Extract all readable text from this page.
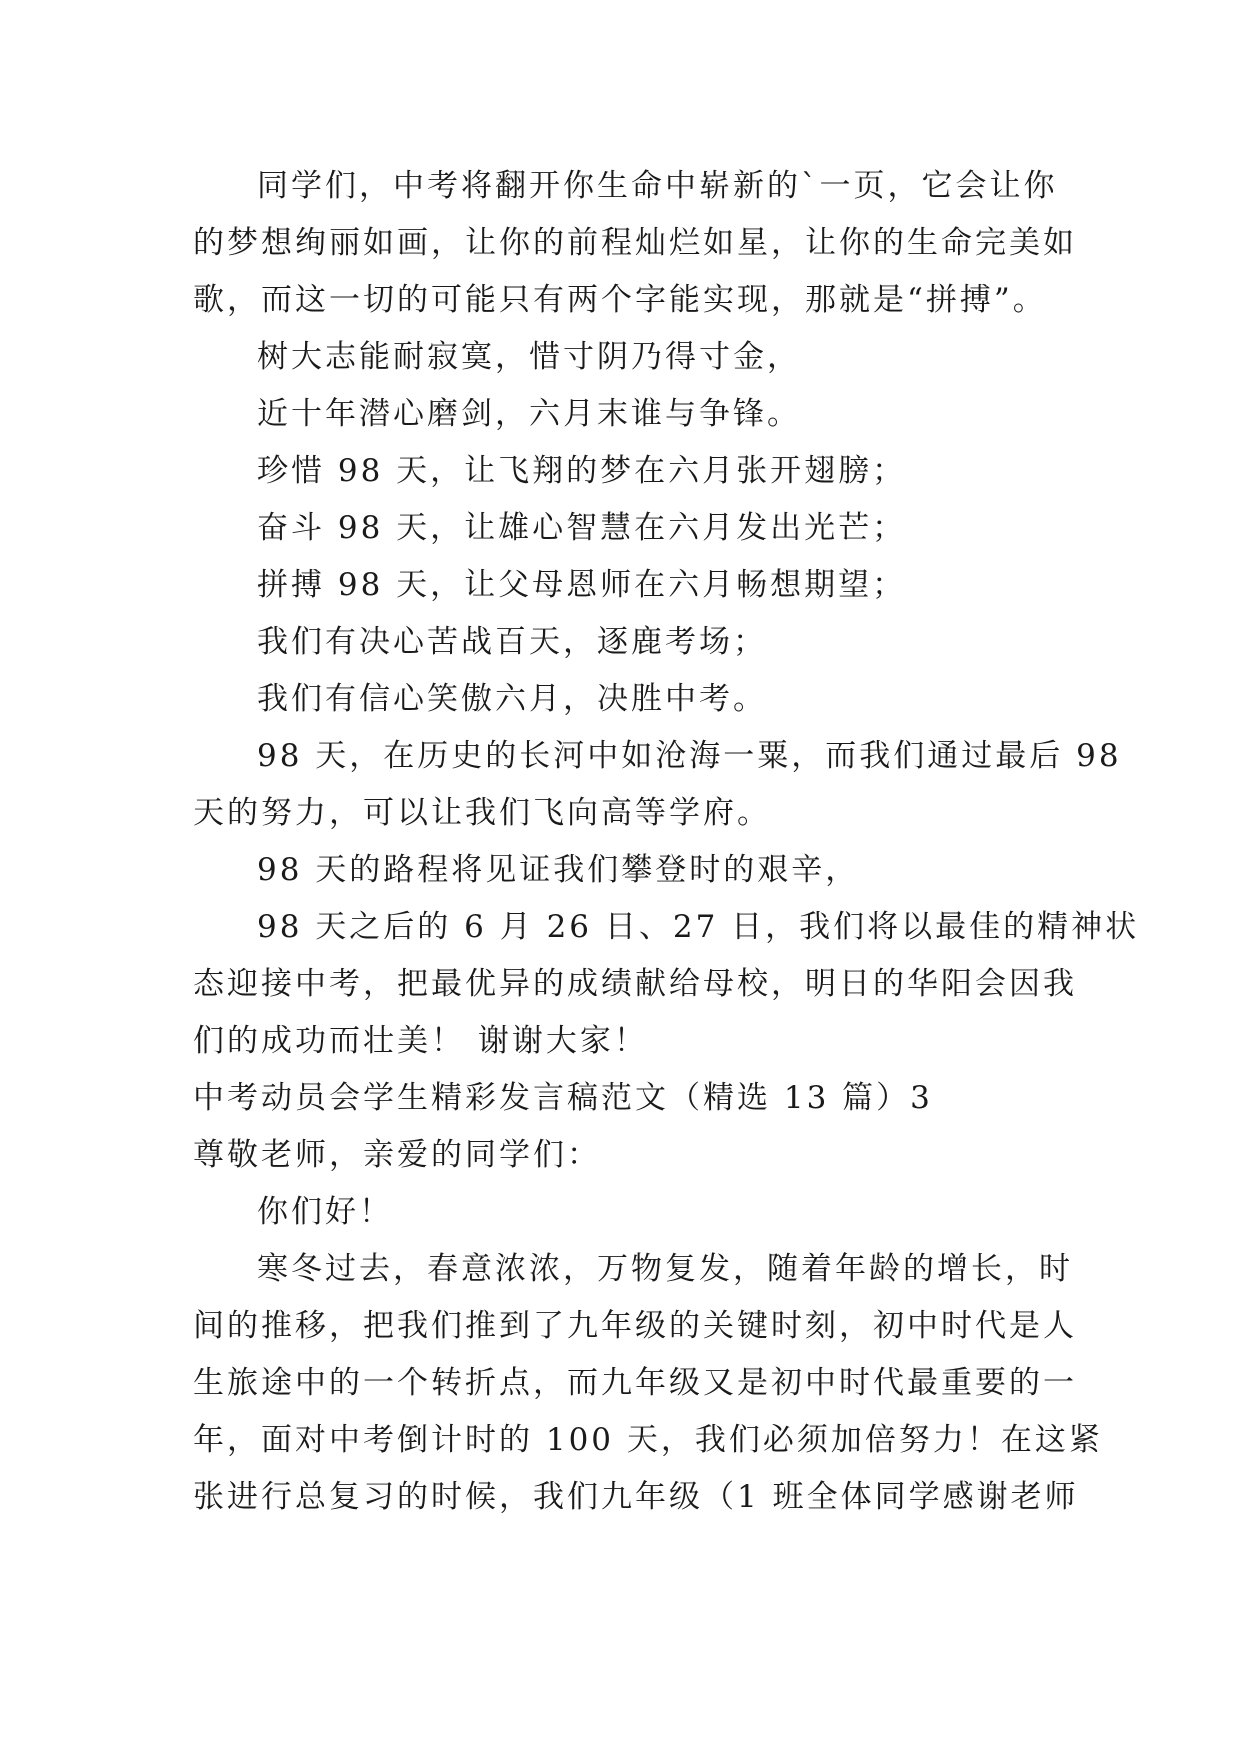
同学们，中考将翻开你生命中崭新的`一页，它会让你
的梦想绚丽如画，让你的前程灿烂如星，让你的生命完美如
歌，而这一切的可能只有两个字能实现，那就是“拼搏”。
树大志能耐寂寞，惜寸阴乃得寸金，
近十年潜心磨剑，六月末谁与争锋。
珍惜 98 天，让飞翔的梦在六月张开翅膀；
奋斗 98 天，让雄心智慧在六月发出光芒；
拼搏 98 天，让父母恩师在六月畅想期望；
我们有决心苦战百天，逐鹿考场；
我们有信心笑傲六月，决胜中考。
98 天，在历史的长河中如沧海一粟，而我们通过最后 98
天的努力，可以让我们飞向高等学府。
98 天的路程将见证我们攀登时的艰辛，
98 天之后的 6 月 26 日、27 日，我们将以最佳的精神状
态迎接中考，把最优异的成绩献给母校，明日的华阳会因我
们的成功而壮美！ 谢谢大家！
中考动员会学生精彩发言稿范文（精选 13 篇）3
尊敬老师，亲爱的同学们：
你们好！
寒冬过去，春意浓浓，万物复发，随着年龄的增长，时
间的推移，把我们推到了九年级的关键时刻，初中时代是人
生旅途中的一个转折点，而九年级又是初中时代最重要的一
年，面对中考倒计时的 100 天，我们必须加倍努力！在这紧
张进行总复习的时候，我们九年级（1 班全体同学感谢老师
